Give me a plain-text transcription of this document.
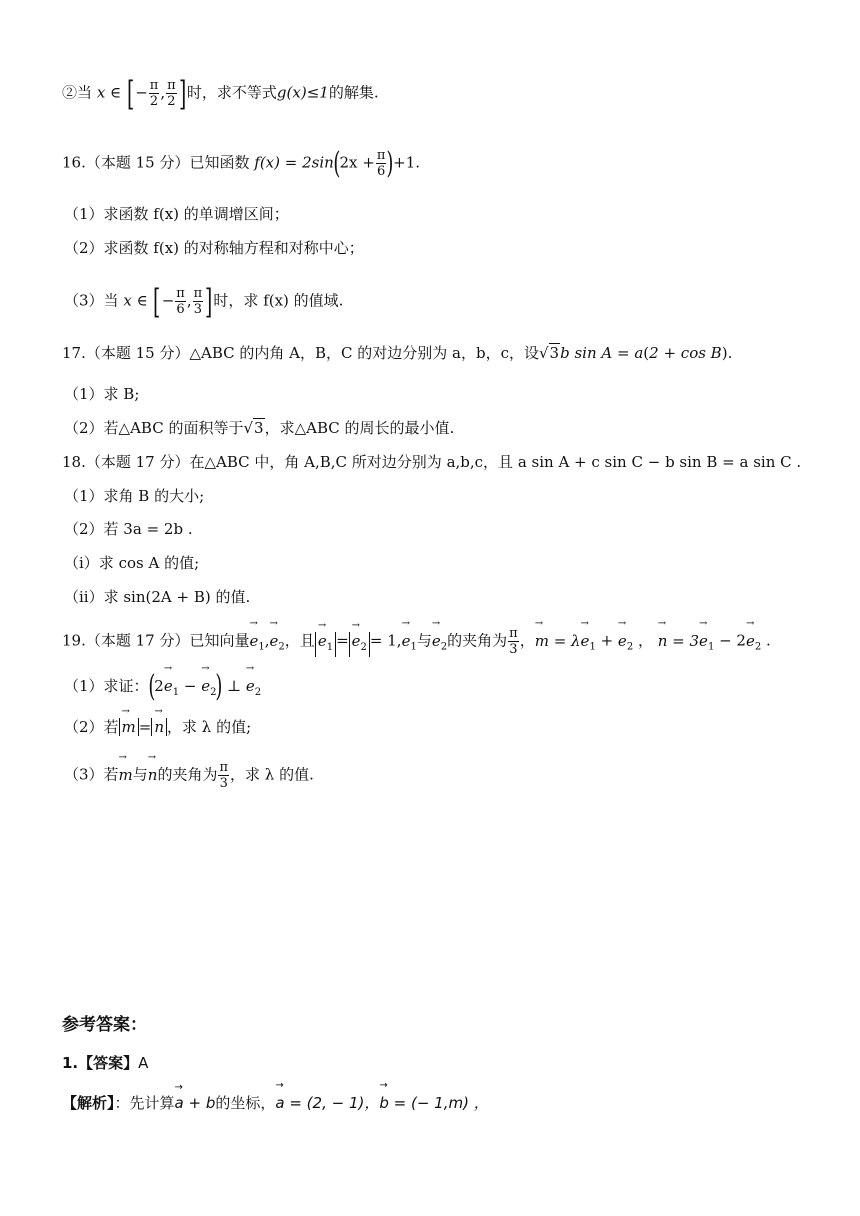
②当 x ∈ [− $\frac{\pi}{2}$ , $\frac{\pi}{2}$ ]时，求不等式g(x)≤1的解集.
16.（本题 15 分）已知函数 $f(x) = 2\sin(2x + \frac{\pi}{6} )+1$.
（1）求函数 f(x) 的单调增区间；
（2）求函数 f(x) 的对称轴方程和对称中心；
（3）当 x ∈ [− $\frac{\pi}{6}$ , $\frac{\pi}{3}$ ]时，求 f(x) 的值域.
17.（本题 15 分）△ABC 的内角 A，B，C 的对边分别为 a，b，c，设√3b sin A = a(2 + cos B).
（1）求 B;
（2）若△ABC 的面积等于√3，求△ABC 的周长的最小值.
18.（本题 17 分）在△ABC 中，角 A,B,C 所对边分别为 a,b,c，且 a sin A + c sin C − b sin B = a sin C .
（1）求角 B 的大小;
（2）若 3a = 2b .
（i）求 cos A 的值;
（ii）求 sin(2A + B) 的值.
19.（本题 17 分）已知向量→ $e_1,\to e_2$，且→ $e_1 =\to e_2 = 1,\to e_1$与→ $e_2$的夹角为 $\frac{\pi}{3}$ ，→ $m = \lambda\to e_1$ + → $e_2$ ， → $n = 3\to e_1 - 2\to e_2$ .
（1）求证：($2\to e_1$ − → $e_2$) ⊥ → $e_2$
（2）若→ m =→ n ，求 λ 的值;
（3）若→ m与→ n的夹角为 $\frac{\pi}{3}$ ，求 λ 的值.
参考答案：
1.【答案】A
【解析】：先计算→ a + b的坐标，→ a = (2, − 1)，→ b = (− 1,m) ，
